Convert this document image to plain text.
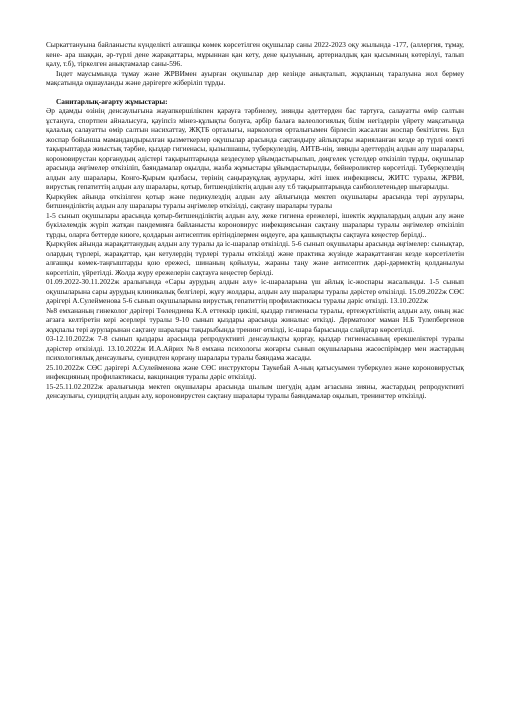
Сыркаттануына байланысты күнделікті алғашқы көмек көрсетілген оқушылар саны 2022-2023 оқу жылында -177, (аллергия, тұмау, кене- ара шаққан, әр-түрлі дене жарақаттары, мұрыннан қан кету, дене қызуының, артериалдық қан қысымның көтерілуі, талып қалу, т.б), тіркелген анықтамалар саны-596.

Індет маусымында тұмау және ЖРВИмен ауырған оқушылар дер кезінде анықталып, жұқпаның таралуына жол бермеу мақсатында оқшауланды және дәрігерге жіберіліп тұрды.

Санитарлық-ағарту жұмыстары:

Әр адамды өзінің денсаулығына жауапкершілікпен қарауға тәрбиелеу, зиянды әдеттерден бас тартуға, салауатты өмір салтын ұстануға, спортпен айналысуға, қауіпсіз мінез-құлықты болуға, әрбір балаға валеологиялық білім негіздерін үйрету мақсатында қалалық салауатты өмір салтын насихаттау, ЖҚТБ орталығы, наркология орталығымен бірлесіп жасалған жоспар бекітілген. Бұл жоспар бойынша мамандандырылған қызметкерлер оқушылар арасында сақтандыру айлықтары жарияланған кезде әр түрлі өзекті тақырыптарда жиыстық тәрбие, қыздар гигиенасы, қызылшашы, туберкулездің, АИТВ-нің, зиянды әдеттердің алдын алу шаралары, короновирустан қорғанудың әдістері тақырыптарында кездесулер ұйымдастырылып, дөңгелек үстелдер өткізіліп тұрды, оқушылар арасында әңгімелер өткізіліп, баяндамалар оқылды, жазба жұмыстары ұйымдастырылды, бейнероликтер көрсетілді. Туберкулездің алдын алу шаралары, Конго-Қырым қызбасы, терінің саңырауқұлақ аурулары, жіті ішек инфекциясы, ЖИТС туралы, ЖРВИ, вирустық гепатиттің алдын алу шаралары, қотыр, битшенділіктің алдын алу т.б тақырыптарында санбюллетеньдер шығарылды.

Қыркүйек айында өткізілген қотыр және педикулездің алдын алу айлығында мектеп оқушылары арасында тері аурулары, битшенділіктің алдын алу шаралары туралы әңгімелер өткізілді, сақтану шаралары туралы

1-5 сынып оқушылары арасында қотыр-битшенділіктің алдын алу, жеке гигиена ережелері, ішектік жұқпалардың алдын алу және бүкіләлемдік жүріп жатқан пандемияға байланысты короновирус инфекциясынан сақтану шаралары туралы әңгімелер өткізіліп тұрды, оларға беттерде киюге, қолдарын антисептик ерітінділермен өңдеуге, ара қашықтықты сақтауға кеңестер берілді..

Қыркүйек айында жарақаттанудың алдын алу туралы да іс-шаралар өткізілді. 5-6 сынып оқушылары арасында әңгімелер: сынықтар, олардың түрлері, жарақаттар, қан кетулердің түрлері туралы өткізілді және практика жүзінде жарақаттанған кезде көрсетілетін алғашқы көмек-таңғыштарды қою ережесі, шинаның қойылуы, жараны таңу және антисептик дәрі-дәрмектің қолданылуы көрсетіліп, үйретілді. Жолда жүру ережелерін сақтауға кеңестер берілді.

01.09.2022-30.11.2022ж аралығында «Сары аурудың алдын алу» іс-шараларына үш айлық іс-жоспары жасалынды. 1-5 сынып оқушыларына сары аурудың клиникалық белгілері, жұғу жолдары, алдын алу шаралары туралы дәрістер өткізілді. 15.09.2022ж СӨС дәрігері А.Сулейменова 5-6 сынып оқушыларына вирустық гепатиттің профилактикасы туралы дәріс өткізді. 13.10.2022ж

№8 емхананың гинеколог дәрігері Төлендиева К.А еттеккір цикілі, қыздар гигиенасы туралы, ертежүктіліктің алдын алу, оның жас ағзаға келтіретін кері әсерлері туралы 9-10 сынып қыздары арасында жиналыс өткізді. Дерматолог маман Н.Б Тулепбергенов жұқпалы тері ауруларынан сақтану шаралары тақырыбында тренинг өткізді, іс-шара барысында слайдтар көрсетілді.

03-12.10.2022ж 7-8 сынып қыздары арасында репродуктивті денсаулықты қорғау, қыздар гигиенасының ерекшеліктері туралы дәрістер өткізілді. 13.10.2022ж И.А.Айрих №8 емхана психологы жоғарғы сынып оқушыларына жасөспірімдер мен жастардың психологиялық денсаулығы, суицидтен қорғану шаралары туралы баяндама жасады.

25.10.2022ж СӨС дәрігері А.Сулейменова және СӨС инструкторы Таукебай А-ның қатысуымен туберкулез және короновирустық инфекцияның профилактикасы, вакцинация туралы дәріс өткізілді.

15-25.11.02.2022ж аралығында мектеп оқушылары арасында шылым шегудің адам ағзасына зияны, жастардың репродуктивті денсаулығы, суицидтің алдын алу, короновирустен сақтану шаралары туралы баяндамалар оқылып, тренингтер өткізілді.
